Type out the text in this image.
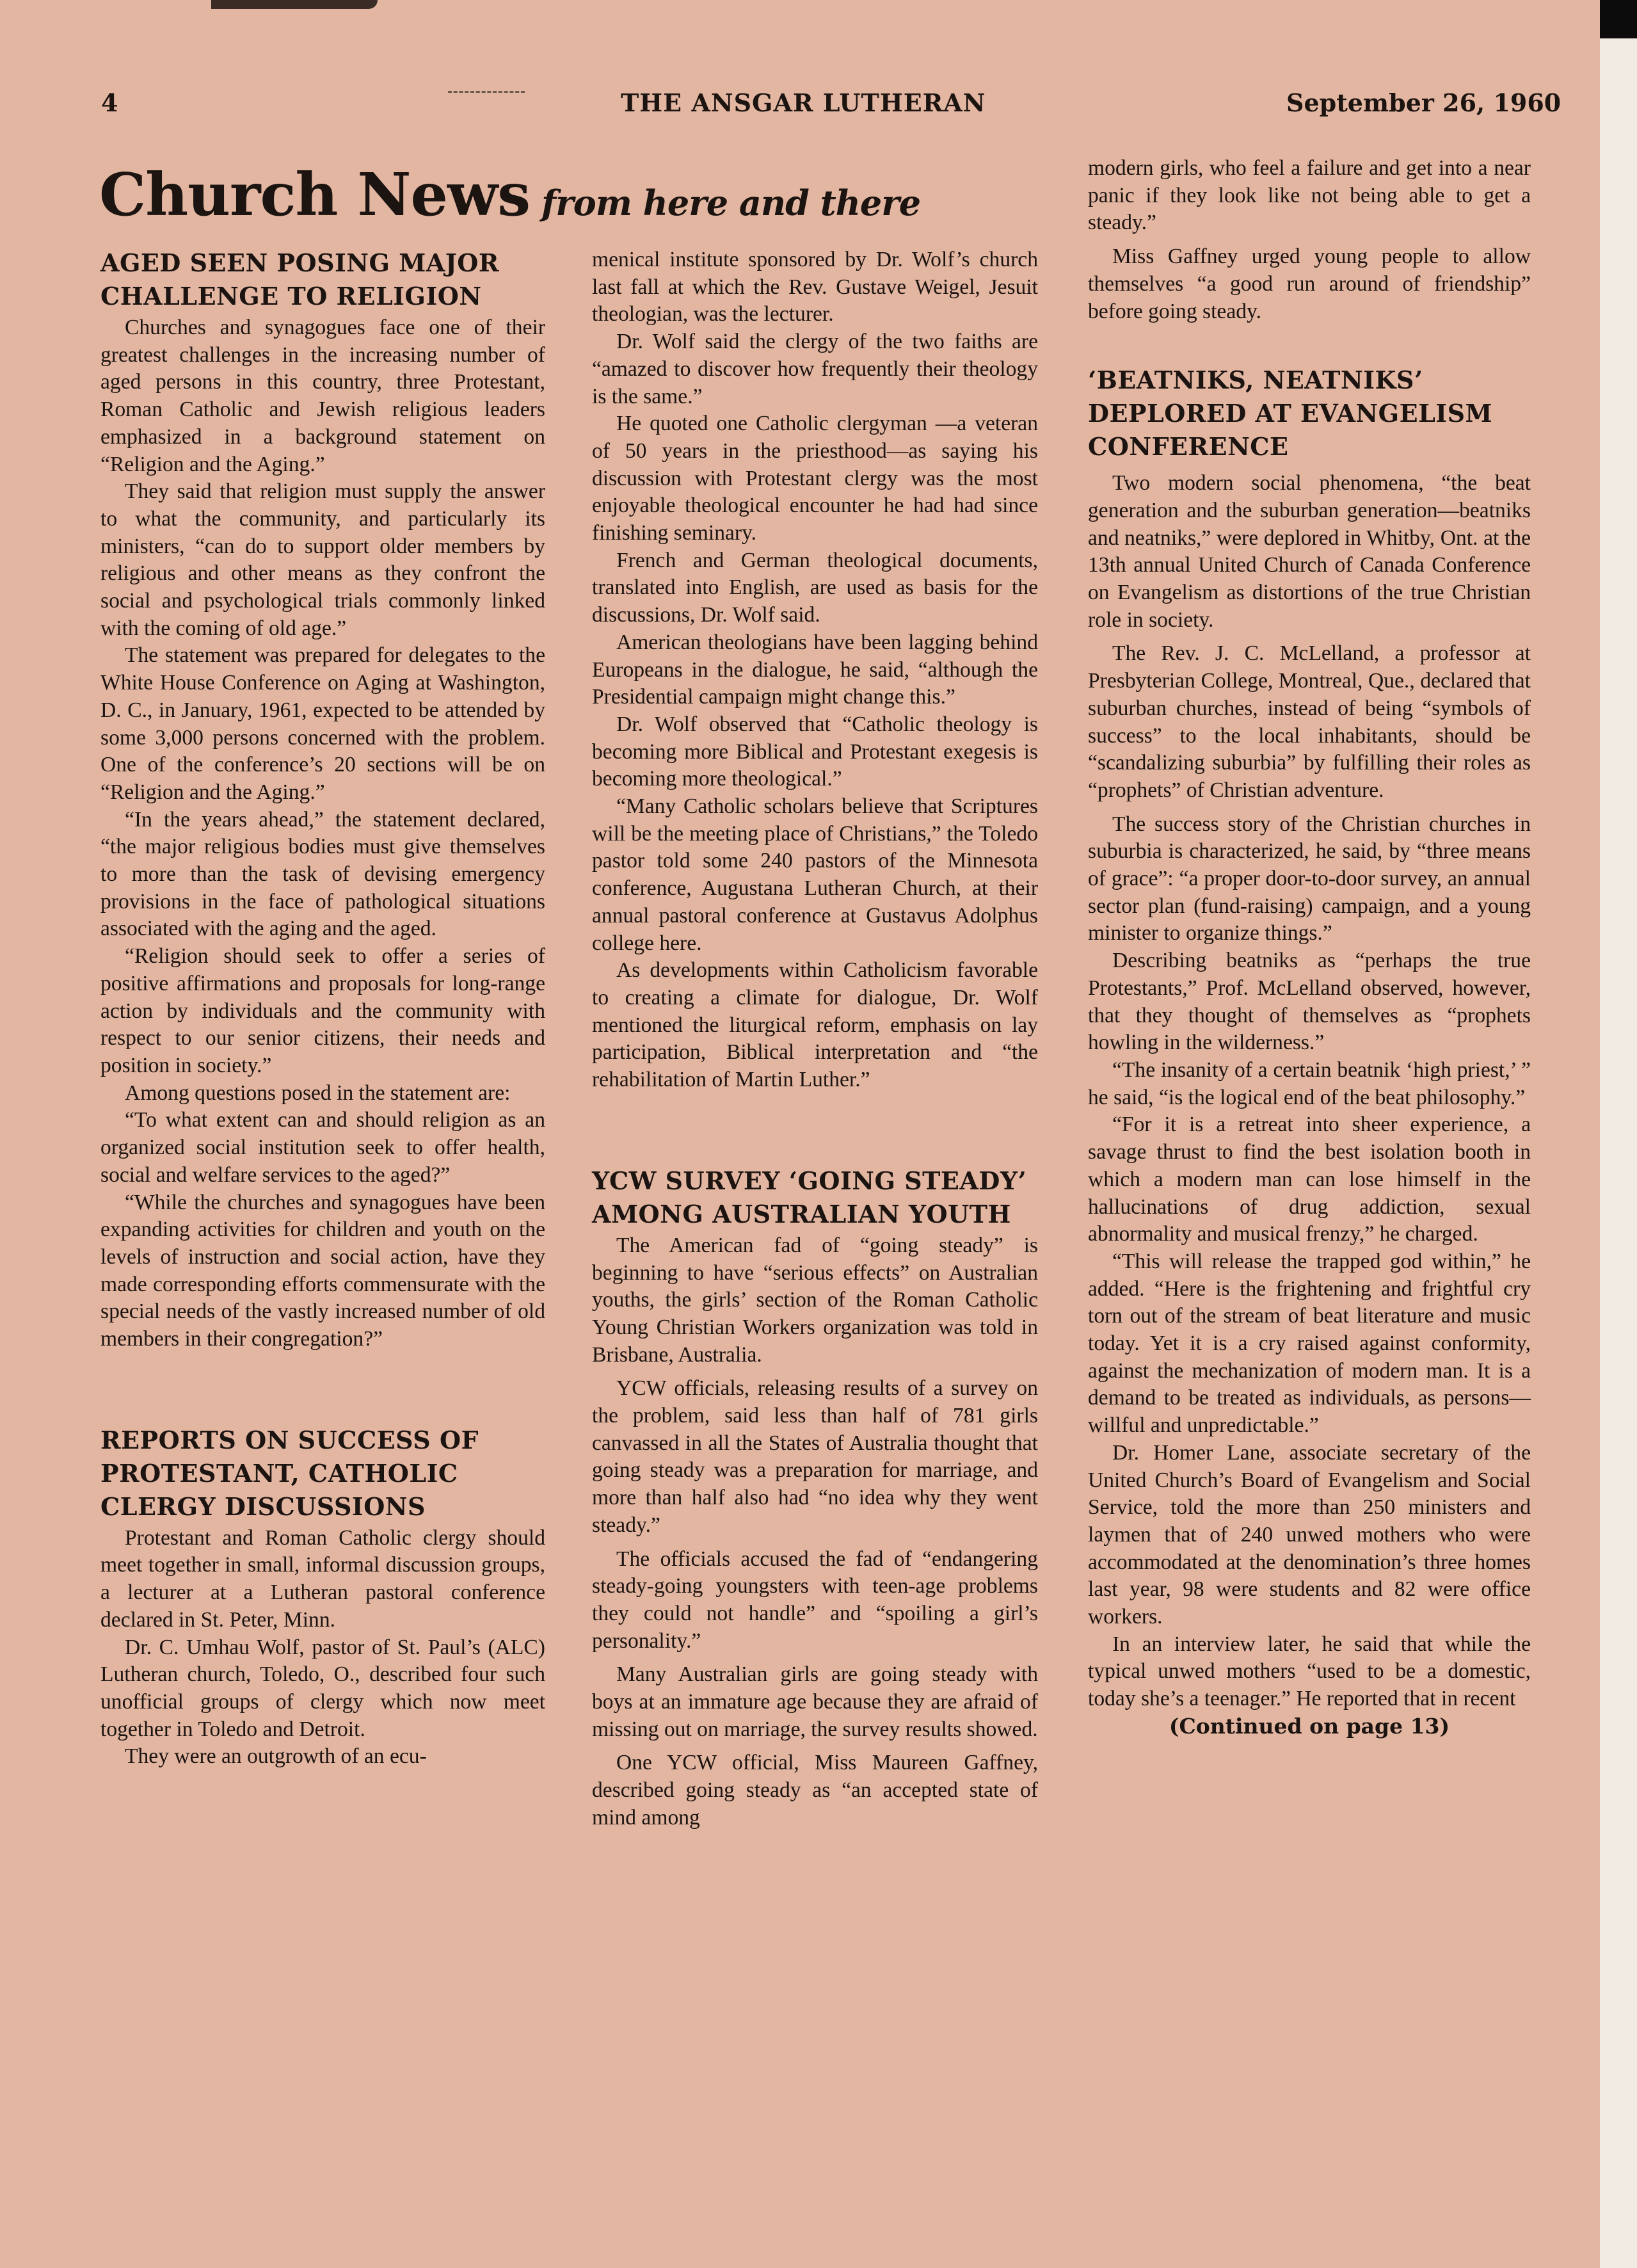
4	THE ANSGAR LUTHERAN	September 26, 1960
Church News from here and there
AGED SEEN POSING MAJOR CHALLENGE TO RELIGION

Churches and synagogues face one of their greatest challenges in the increasing number of aged persons in this country, three Protestant, Roman Catholic and Jewish religious leaders emphasized in a background statement on “Religion and the Aging.”

They said that religion must supply the answer to what the community, and particularly its ministers, “can do to support older members by religious and other means as they confront the social and psychological trials commonly linked with the coming of old age.”

The statement was prepared for delegates to the White House Conference on Aging at Washington, D. C., in January, 1961, expected to be attended by some 3,000 persons concerned with the problem. One of the conference’s 20 sections will be on “Religion and the Aging.”

“In the years ahead,” the statement declared, “the major religious bodies must give themselves to more than the task of devising emergency provisions in the face of pathological situations associated with the aging and the aged.

“Religion should seek to offer a series of positive affirmations and proposals for long-range action by individuals and the community with respect to our senior citizens, their needs and position in society.”

Among questions posed in the statement are:

“To what extent can and should religion as an organized social institution seek to offer health, social and welfare services to the aged?”

“While the churches and synagogues have been expanding activities for children and youth on the levels of instruction and social action, have they made corresponding efforts commensurate with the special needs of the vastly increased number of old members in their congregation?”

REPORTS ON SUCCESS OF PROTESTANT, CATHOLIC CLERGY DISCUSSIONS

Protestant and Roman Catholic clergy should meet together in small, informal discussion groups, a lecturer at a Lutheran pastoral conference declared in St. Peter, Minn.

Dr. C. Umhau Wolf, pastor of St. Paul’s (ALC) Lutheran church, Toledo, O., described four such unofficial groups of clergy which now meet together in Toledo and Detroit.

They were an outgrowth of an ecu-

menical institute sponsored by Dr. Wolf’s church last fall at which the Rev. Gustave Weigel, Jesuit theologian, was the lecturer.

Dr. Wolf said the clergy of the two faiths are “amazed to discover how frequently their theology is the same.”

He quoted one Catholic clergyman —a veteran of 50 years in the priesthood—as saying his discussion with Protestant clergy was the most enjoyable theological encounter he had had since finishing seminary.

French and German theological documents, translated into English, are used as basis for the discussions, Dr. Wolf said.

American theologians have been lagging behind Europeans in the dialogue, he said, “although the Presidential campaign might change this.”

Dr. Wolf observed that “Catholic theology is becoming more Biblical and Protestant exegesis is becoming more theological.”

“Many Catholic scholars believe that Scriptures will be the meeting place of Christians,” the Toledo pastor told some 240 pastors of the Minnesota conference, Augustana Lutheran Church, at their annual pastoral conference at Gustavus Adolphus college here.

As developments within Catholicism favorable to creating a climate for dialogue, Dr. Wolf mentioned the liturgical reform, emphasis on lay participation, Biblical interpretation and “the rehabilitation of Martin Luther.”

YCW SURVEY ‘GOING STEADY’ AMONG AUSTRALIAN YOUTH

The American fad of “going steady” is beginning to have “serious effects” on Australian youths, the girls’ section of the Roman Catholic Young Christian Workers organization was told in Brisbane, Australia.

YCW officials, releasing results of a survey on the problem, said less than half of 781 girls canvassed in all the States of Australia thought that going steady was a preparation for marriage, and more than half also had “no idea why they went steady.”

The officials accused the fad of “endangering steady-going youngsters with teen-age problems they could not handle” and “spoiling a girl’s personality.”

Many Australian girls are going steady with boys at an immature age because they are afraid of missing out on marriage, the survey results showed.

One YCW official, Miss Maureen Gaffney, described going steady as “an accepted state of mind among

modern girls, who feel a failure and get into a near panic if they look like not being able to get a steady.”

Miss Gaffney urged young people to allow themselves “a good run around of friendship” before going steady.

‘BEATNIKS, NEATNIKS’ DEPLORED AT EVANGELISM CONFERENCE

Two modern social phenomena, “the beat generation and the suburban generation—beatniks and neatniks,” were deplored in Whitby, Ont. at the 13th annual United Church of Canada Conference on Evangelism as distortions of the true Christian role in society.

The Rev. J. C. McLelland, a professor at Presbyterian College, Montreal, Que., declared that suburban churches, instead of being “symbols of success” to the local inhabitants, should be “scandalizing suburbia” by fulfilling their roles as “prophets” of Christian adventure.

The success story of the Christian churches in suburbia is characterized, he said, by “three means of grace”: “a proper door-to-door survey, an annual sector plan (fund-raising) campaign, and a young minister to organize things.”

Describing beatniks as “perhaps the true Protestants,” Prof. McLelland observed, however, that they thought of themselves as “prophets howling in the wilderness.”

“The insanity of a certain beatnik ‘high priest,’ ” he said, “is the logical end of the beat philosophy.”

“For it is a retreat into sheer experience, a savage thrust to find the best isolation booth in which a modern man can lose himself in the hallucinations of drug addiction, sexual abnormality and musical frenzy,” he charged.

“This will release the trapped god within,” he added. “Here is the frightening and frightful cry torn out of the stream of beat literature and music today. Yet it is a cry raised against conformity, against the mechanization of modern man. It is a demand to be treated as individuals, as persons—willful and unpredictable.”

Dr. Homer Lane, associate secretary of the United Church’s Board of Evangelism and Social Service, told the more than 250 ministers and laymen that of 240 unwed mothers who were accommodated at the denomination’s three homes last year, 98 were students and 82 were office workers.

In an interview later, he said that while the typical unwed mothers “used to be a domestic, today she’s a teenager.” He reported that in recent

(Continued on page 13)
